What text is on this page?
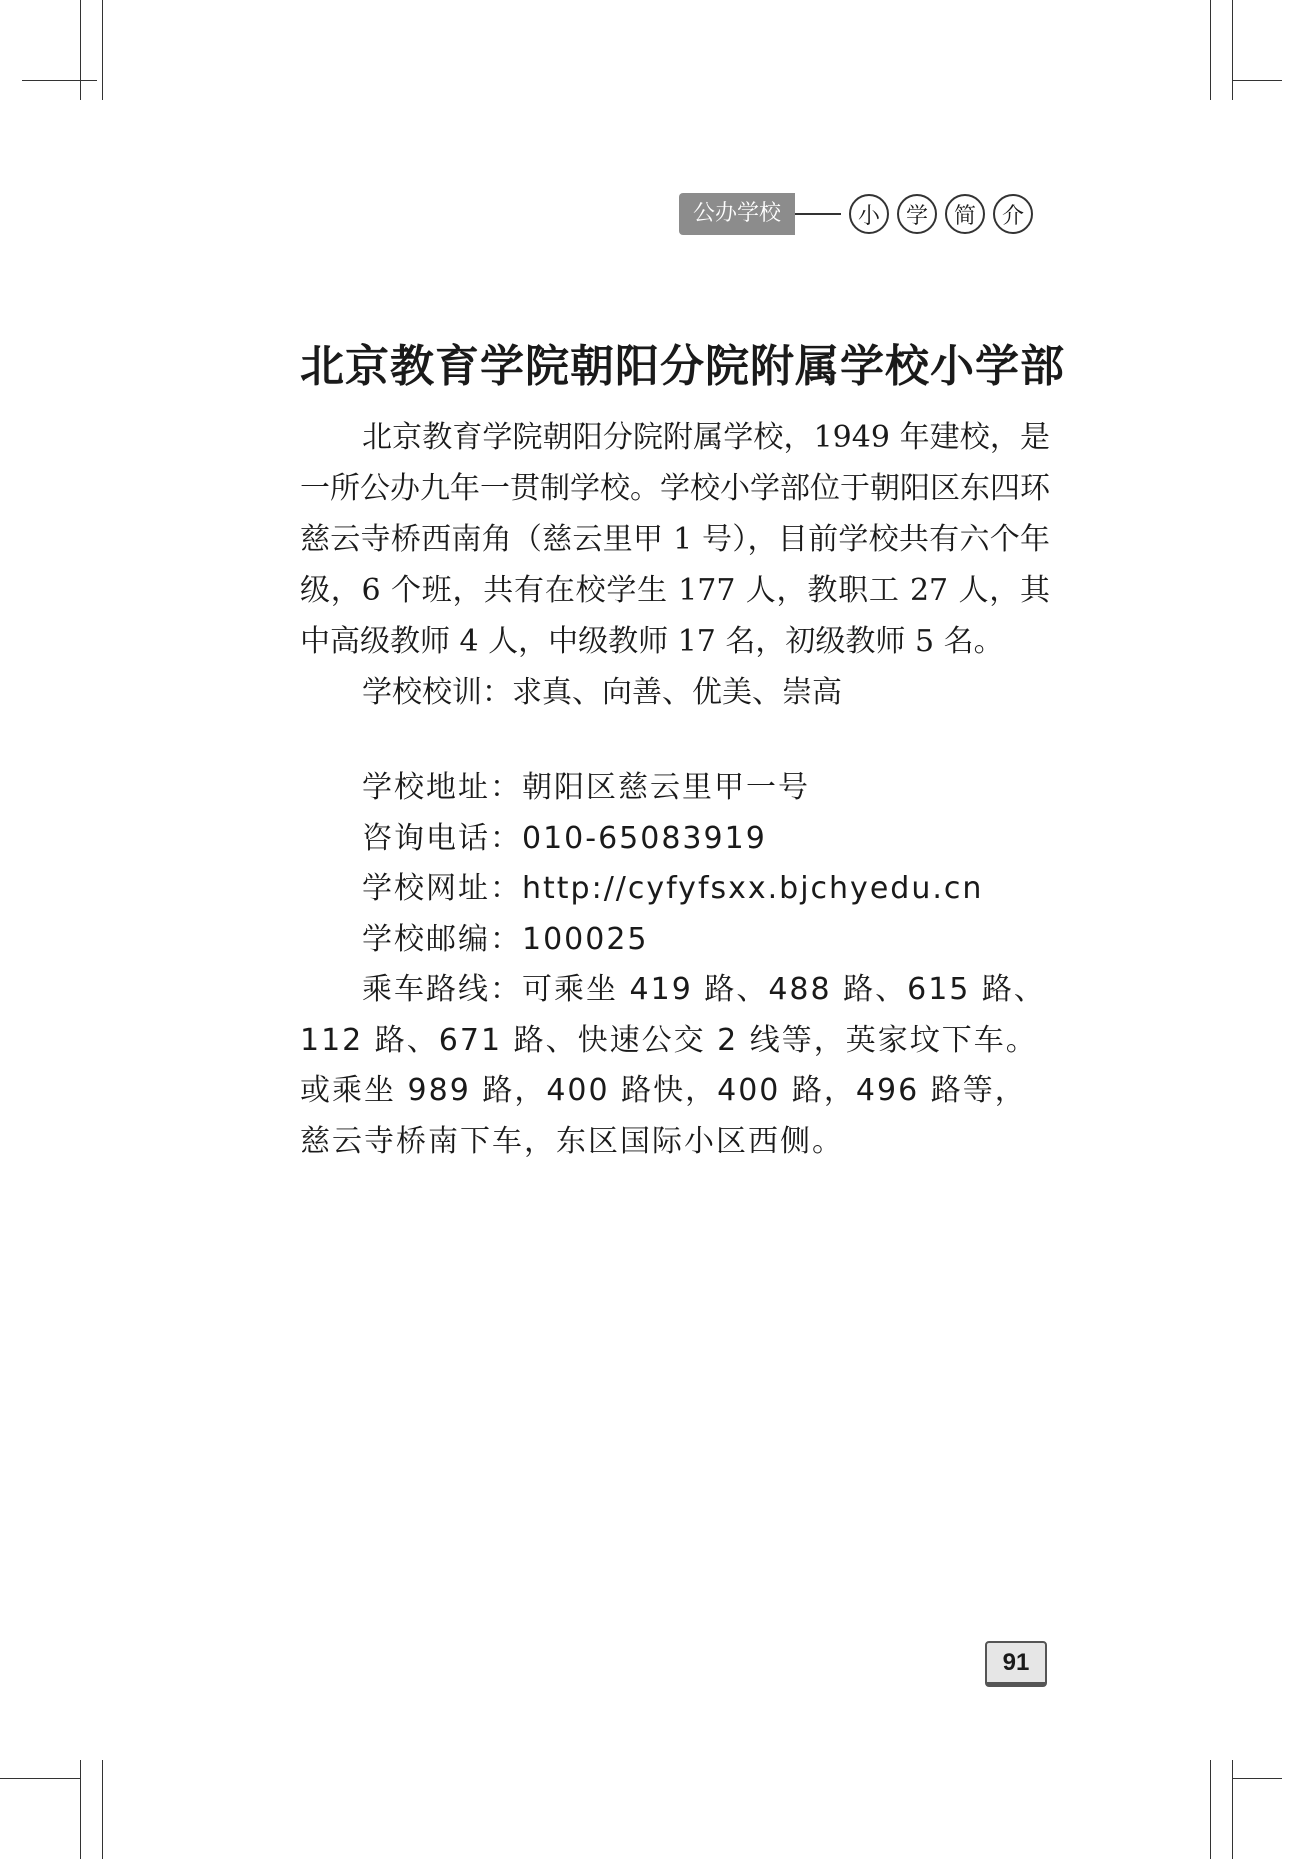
公办学校	小	学	简	介
北京教育学院朝阳分院附属学校小学部

北京教育学院朝阳分院附属学校，1949 年建校，是一所公办九年一贯制学校。学校小学部位于朝阳区东四环慈云寺桥西南角（慈云里甲 1 号），目前学校共有六个年级，6 个班，共有在校学生 177 人，教职工 27 人，其中高级教师 4 人，中级教师 17 名，初级教师 5 名。

学校校训：求真、向善、优美、崇高

学校地址：朝阳区慈云里甲一号

咨询电话：010-65083919

学校网址：http://cyfyfsxx.bjchyedu.cn

学校邮编：100025

乘车路线：可乘坐 419 路、488 路、615 路、112 路、671 路、快速公交 2 线等，英家坟下车。或乘坐 989 路，400 路快，400 路，496 路等，慈云寺桥南下车，东区国际小区西侧。

91
